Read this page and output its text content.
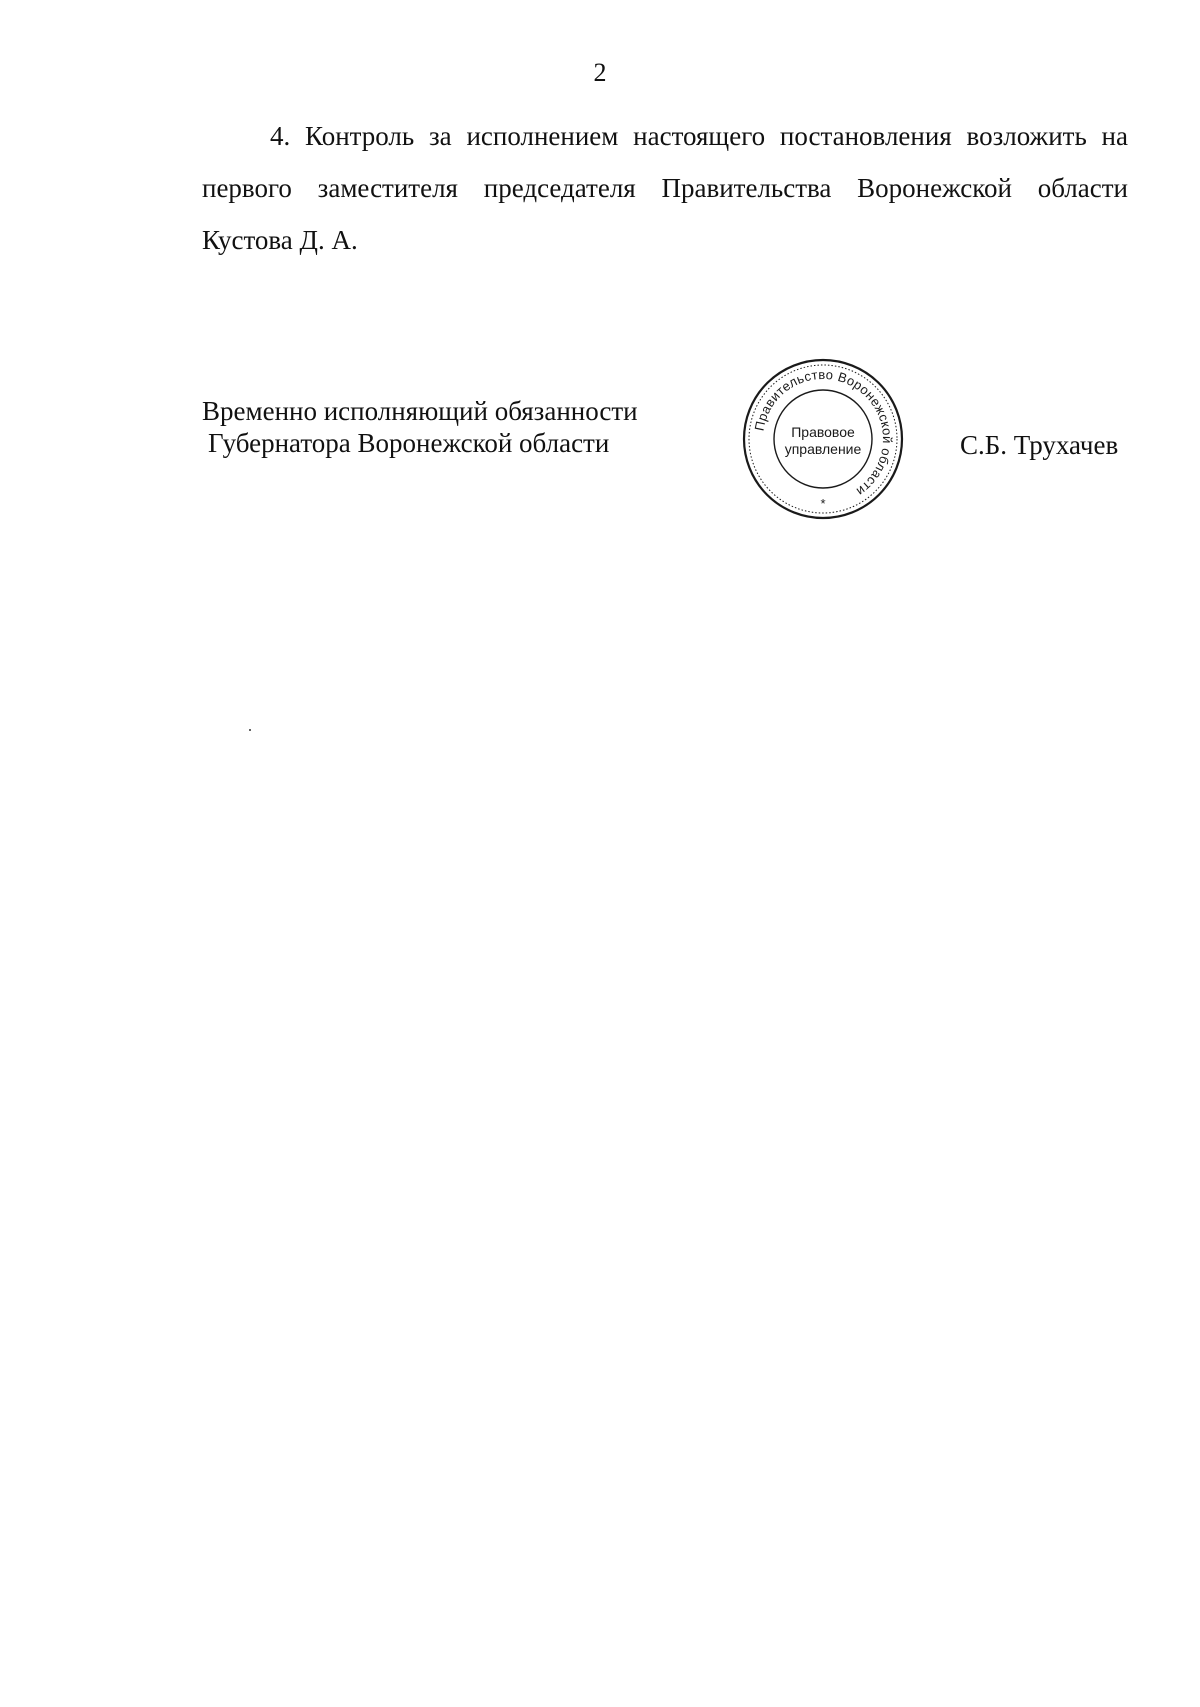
2

4. Контроль за исполнением настоящего постановления возложить на первого заместителя председателя Правительства Воронежской области Кустова Д. А.

Временно исполняющий обязанности
Губернатора Воронежской области
Правительство Воронежской области
Правовое
управление
*
С.Б. Трухачев
